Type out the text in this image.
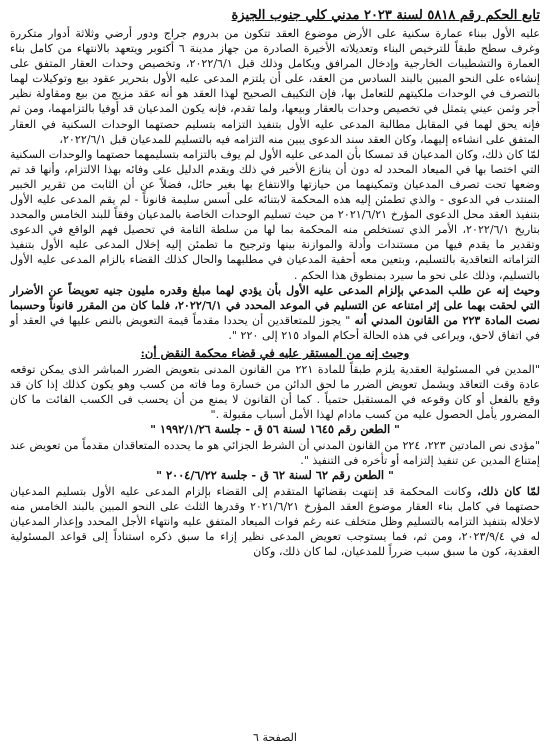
تابع الحكم رقم ٥٨١٨ لسنة ٢٠٢٣ مدني كلي جنوب الجيزة

عليه الأول ببناء عمارة سكنية على الأرض موضوع العقد تتكون من بدروم جراج ودور أرضي وثلاثة أدوار متكررة وغرف سطح طبقاً للترخيص البناء وتعديلاته الأخيرة الصادرة من جهاز مدينة ٦ أكتوبر ويتعهد بالانتهاء من كامل بناء العمارة والتشطيبات الخارجية وإدخال المرافق ويكامل وذلك قبل ٢٠٢٢/٦/١، وتخصيص وحدات العقار المتفق على إنشاءه على النحو المبين بالبند السادس من العقد، على أن يلتزم المدعى عليه الأول بتحرير عقود بيع وتوكيلات لهما بالتصرف في الوحدات ملكيتهم للتعامل بها، فإن التكييف الصحيح لهذا العقد هو أنه عقد مزيج من بيع ومقاولة نظير أجر وثمن عيني يتمثل في تخصيص وحدات بالعقار وبيعها، ولما تقدم، فإنه يكون المدعيان قد أوفيا بالتزامهما، ومن ثم فإنه يحق لهما في المقابل مطالبة المدعى عليه الأول بتنفيذ التزامه بتسليم حصتهما الوحدات السكنية في العقار المتفق على انشاءه إليهما، وكان العقد سند الدعوى يبين منه التزامه فيه بالتسليم للمدعيان قبل ٢٠٢٢/٦/١،

لمّا كان ذلك، وكان المدعيان قد تمسكا بأن المدعى عليه الأول لم يوف بالتزامه بتسليمهما حصتهما والوحدات السكنية التي اختصا بها في الميعاد المحدد له دون أن ينازع الأخير في ذلك ويقدم الدليل على وفائه بهذا الالتزام، وأنها قد تم وضعها تحت تصرف المدعيان وتمكينهما من حيازتها والانتفاع بها بغير حائل، فضلاً عن أن الثابت من تقرير الخبير المنتدب في الدعوى - والذي تطمئن إليه هذه المحكمة لابتنائه على أسس سليمة قانوناً - لم يقم المدعى عليه الأول بتنفيذ العقد محل الدعوى المؤرخ ٢٠٢١/٦/٢١ من حيث تسليم الوحدات الخاصة بالمدعيان وفقاً للبند الخامس والمحدد بتاريخ ٢٠٢٢/٦/١، الأمر الذي تستخلص منه المحكمة بما لها من سلطة التامة في تحصيل فهم الواقع في الدعوى وتقدير ما يقدم فيها من مستندات وأدلة والموازنة بينها وترجيح ما تطمئن إليه إخلال المدعى عليه الأول بتنفيذ التزاماته التعاقدية بالتسليم، وبتعين معه أحقية المدعيان في مطلبهما والحال كذلك القضاء بالزام المدعى عليه الأول بالتسليم، وذلك على نحو ما سيرد بمنطوق هذا الحكم .

وحيث إنه عن طلب المدعي بإلزام المدعى عليه الأول بأن يؤدي لهما مبلغ وقدره مليون جنيه تعويضاً عن الأضرار التي لحقت بهما على إثر امتناعه عن التسليم في الموعد المحدد في ٢٠٢٢/٦/١، فلما كان من المقرر قانوناً وحسبما نصت المادة ٢٢٣ من القانون المدني أنه " يجوز للمتعاقدين أن يحددا مقدماً قيمة التعويض بالنص عليها في العقد أو في اتفاق لاحق، ويراعى في هذه الحالة أحكام المواد ٢١٥ إلى ٢٢٠ ".

وحيث إنه من المستقر عليه في قضاء محكمة النقض أن:

"المدين في المسئولية العقدية يلزم طبقاً للمادة ٢٢١ من القانون المدنى بتعويض الضرر المباشر الذى يمكن توقعه عادة وقت التعاقد ويشمل تعويض الضرر ما لحق الدائن من خسارة وما فاته من كسب وهو يكون كذلك إذا كان قد وقع بالفعل أو كان وقوعه في المستقبل حتمياً . كما أن القانون لا يمنع من أن يحسب فى الكسب الفائت ما كان المضرور يأمل الحصول عليه من كسب مادام لهذا الأمل أسباب مقبولة ."

" الطعن رقم ١٦٤٥ لسنة ٥٦ ق - جلسة ١٩٩٢/١/٢٦ "

"مؤدى نص المادتين ٢٢٣، ٢٢٤ من القانون المدني أن الشرط الجزائي هو ما يحدده المتعاقدان مقدماً من تعويض عند إمتناع المدين عن تنفيذ إلتزامه أو تأخره فى التنفيذ ".

" الطعن رقم ٦٢ لسنة ٦٢ ق - جلسة ٢٠٠٤/٦/٢٢ "

لمّا كان ذلك، وكانت المحكمة قد إنتهت بقضائها المتقدم إلى القضاء بإلزام المدعى عليه الأول بتسليم المدعيان حصتهما في كامل بناء العقار موضوع العقد المؤرخ ٢٠٢١/٦/٢١ وقدرها الثلث على النحو المبين بالبند الخامس منه لاخلاله بتنفيذ التزامه بالتسليم وظل متخلف عنه رغم فوات الميعاد المتفق عليه وانتهاء الأجل المحدد وإعذار المدعيان له في ٢٠٢٣/٩/٤، ومن ثم، فما يستوجب تعويض المدعى نظير إزاء ما سبق ذكره استناداً إلى قواعد المسئولية العقدية، كون ما سبق سبب ضرراً للمدعيان، لما كان ذلك، وكان

الصفحة ٦
